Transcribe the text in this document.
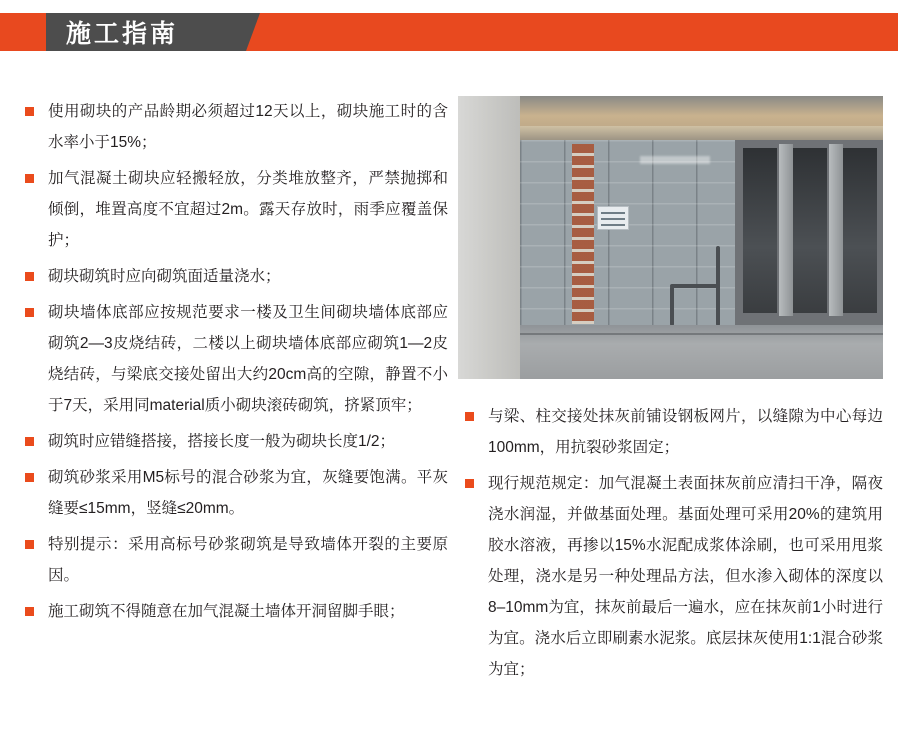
施工指南
使用砌块的产品龄期必须超过12天以上，砌块施工时的含水率小于15%；
加气混凝土砌块应轻搬轻放，分类堆放整齐，严禁抛掷和倾倒，堆置高度不宜超过2m。露天存放时，雨季应覆盖保护；
砌块砌筑时应向砌筑面适量浇水；
砌块墙体底部应按规范要求一楼及卫生间砌块墙体底部应砌筑2—3皮烧结砖，二楼以上砌块墙体底部应砌筑1—2皮烧结砖，与梁底交接处留出大约20cm高的空隙，静置不小于7天，采用同material质小砌块滚砖砌筑，挤紧顶牢；
砌筑时应错缝搭接，搭接长度一般为砌块长度1/2；
砌筑砂浆采用M5标号的混合砂浆为宜，灰缝要饱满。平灰缝要≤15mm，竖缝≤20mm。
特别提示：采用高标号砂浆砌筑是导致墙体开裂的主要原因。
施工砌筑不得随意在加气混凝土墙体开洞留脚手眼；
与梁、柱交接处抹灰前铺设钢板网片，以缝隙为中心每边100mm，用抗裂砂浆固定；
现行规范规定：加气混凝土表面抹灰前应清扫干净，隔夜浇水润湿，并做基面处理。基面处理可采用20%的建筑用胶水溶液，再掺以15%水泥配成浆体涂刷，也可采用甩浆处理，浇水是另一种处理品方法，但水渗入砌体的深度以8–10mm为宜，抹灰前最后一遍水，应在抹灰前1小时进行为宜。浇水后立即刷素水泥浆。底层抹灰使用1:1混合砂浆为宜；
